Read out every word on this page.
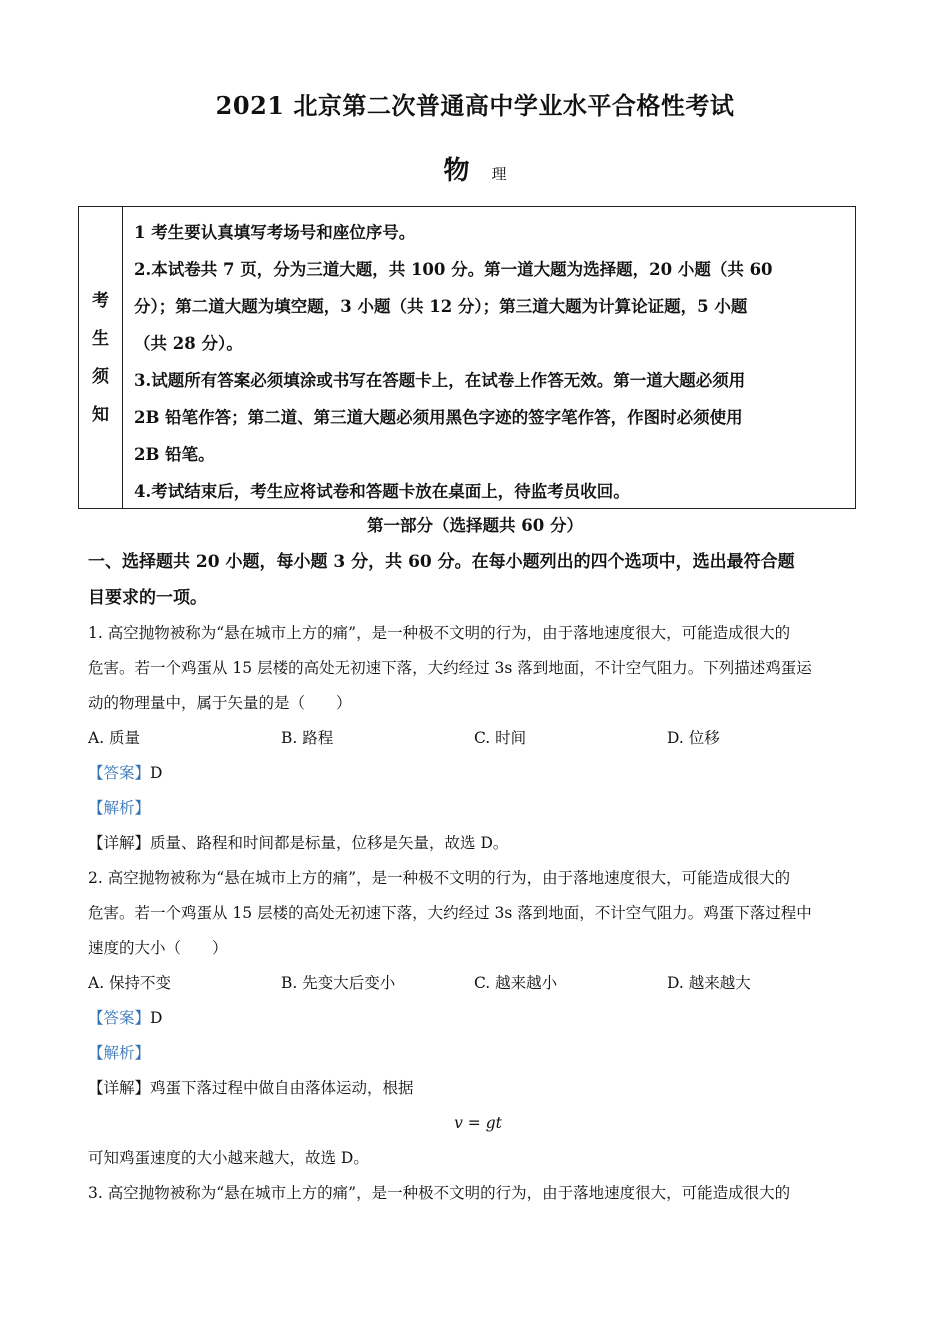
2021 北京第二次普通高中学业水平合格性考试
物 理
考
生
须
知

1 考生要认真填写考场号和座位序号。

2.本试卷共 7 页，分为三道大题，共 100 分。第一道大题为选择题，20 小题（共 60

分）；第二道大题为填空题，3 小题（共 12 分）；第三道大题为计算论证题，5 小题

（共 28 分）。

3.试题所有答案必须填涂或书写在答题卡上，在试卷上作答无效。第一道大题必须用

2B 铅笔作答；第二道、第三道大题必须用黑色字迹的签字笔作答，作图时必须使用

2B 铅笔。

4.考试结束后，考生应将试卷和答题卡放在桌面上，待监考员收回。

第一部分（选择题共 60 分）

一、选择题共 20 小题，每小题 3 分，共 60 分。在每小题列出的四个选项中，选出最符合题

目要求的一项。

1. 高空抛物被称为“悬在城市上方的痛”，是一种极不文明的行为，由于落地速度很大，可能造成很大的

危害。若一个鸡蛋从 15 层楼的高处无初速下落，大约经过 3s 落到地面，不计空气阻力。下列描述鸡蛋运

动的物理量中，属于矢量的是（　　）

A. 质量	B. 路程	C. 时间	D. 位移

【答案】D

【解析】

【详解】质量、路程和时间都是标量，位移是矢量，故选 D。

2. 高空抛物被称为“悬在城市上方的痛”，是一种极不文明的行为，由于落地速度很大，可能造成很大的

危害。若一个鸡蛋从 15 层楼的高处无初速下落，大约经过 3s 落到地面，不计空气阻力。鸡蛋下落过程中

速度的大小（　　）

A. 保持不变	B. 先变大后变小	C. 越来越小	D. 越来越大

【答案】D

【解析】

【详解】鸡蛋下落过程中做自由落体运动，根据

v = gt

可知鸡蛋速度的大小越来越大，故选 D。

3. 高空抛物被称为“悬在城市上方的痛”，是一种极不文明的行为，由于落地速度很大，可能造成很大的
